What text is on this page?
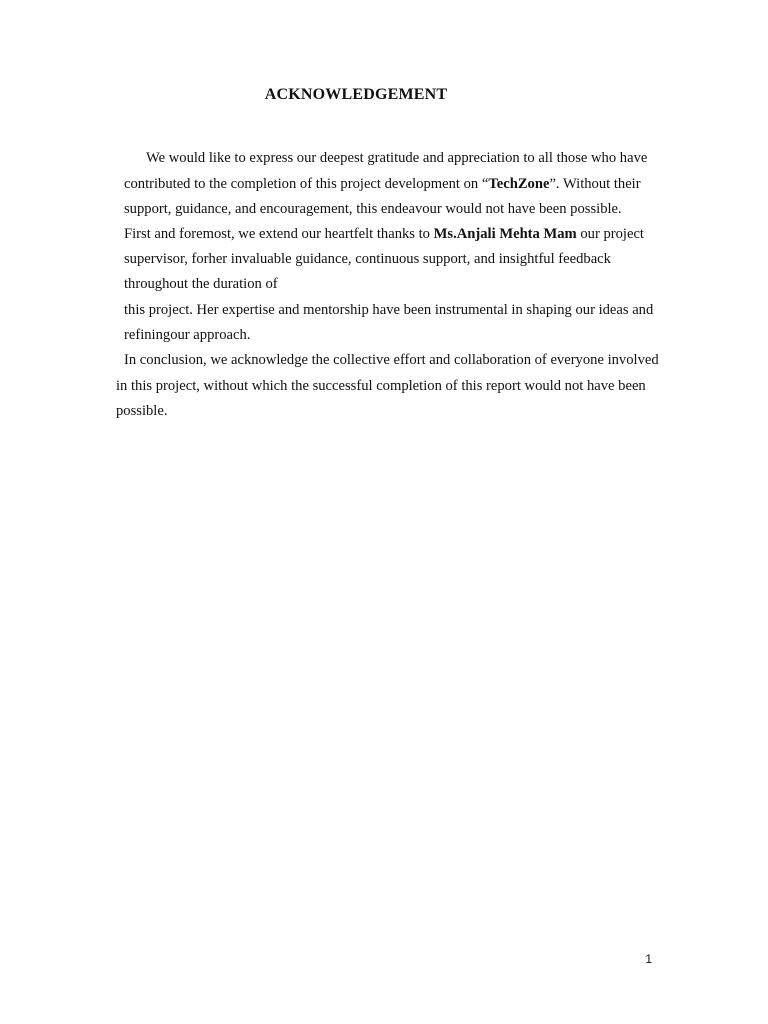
ACKNOWLEDGEMENT
We would like to express our deepest gratitude and appreciation to all those who have
contributed to the completion of this project development on “TechZone”. Without their
support, guidance, and encouragement, this endeavour would not have been possible.
First and foremost, we extend our heartfelt thanks to Ms.Anjali Mehta Mam our project
supervisor, forher invaluable guidance, continuous support, and insightful feedback
throughout the duration of
this project. Her expertise and mentorship have been instrumental in shaping our ideas and
refiningour approach.
In conclusion, we acknowledge the collective effort and collaboration of everyone involved
in this project, without which the successful completion of this report would not have been
possible.
1
